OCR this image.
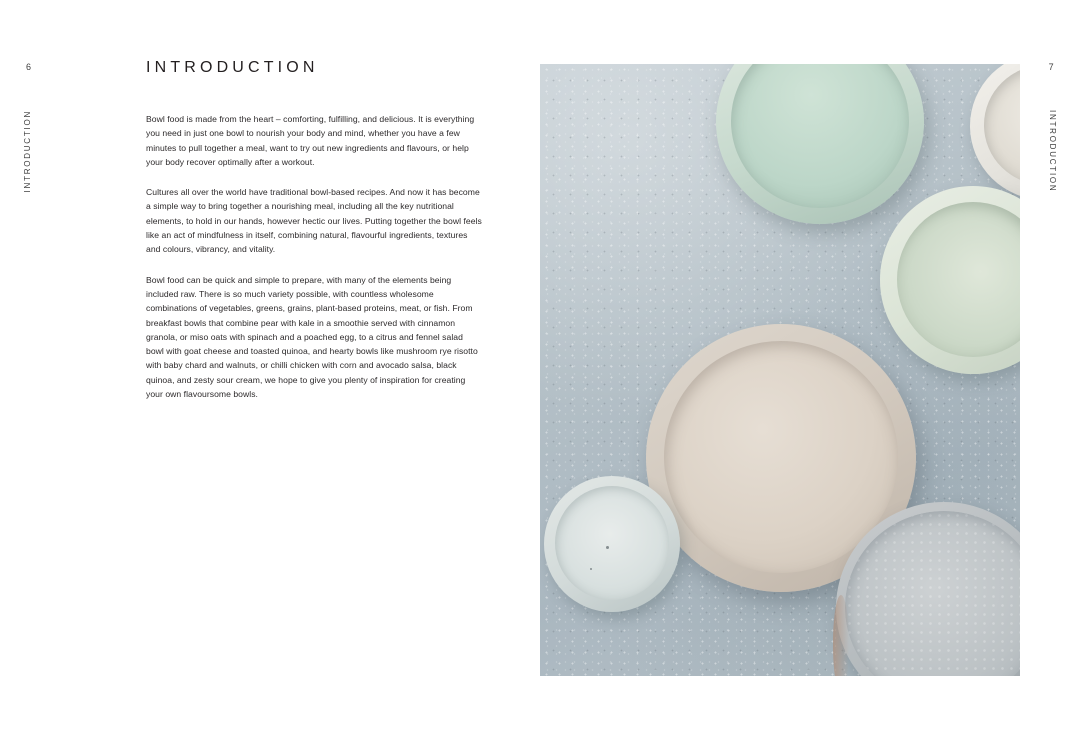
6
INTRODUCTION
INTRODUCTION

Bowl food is made from the heart – comforting, fulfilling, and delicious. It is everything you need in just one bowl to nourish your body and mind, whether you have a few minutes to pull together a meal, want to try out new ingredients and flavours, or help your body recover optimally after a workout.

Cultures all over the world have traditional bowl-based recipes. And now it has become a simple way to bring together a nourishing meal, including all the key nutritional elements, to hold in our hands, however hectic our lives. Putting together the bowl feels like an act of mindfulness in itself, combining natural, flavourful ingredients, textures and colours, vibrancy, and vitality.

Bowl food can be quick and simple to prepare, with many of the elements being included raw. There is so much variety possible, with countless wholesome combinations of vegetables, greens, grains, plant-based proteins, meat, or fish. From breakfast bowls that combine pear with kale in a smoothie served with cinnamon granola, or miso oats with spinach and a poached egg, to a citrus and fennel salad bowl with goat cheese and toasted quinoa, and hearty bowls like mushroom rye risotto with baby chard and walnuts, or chilli chicken with corn and avocado salsa, black quinoa, and zesty sour cream, we hope to give you plenty of inspiration for creating your own flavoursome bowls.

7
INTRODUCTION
